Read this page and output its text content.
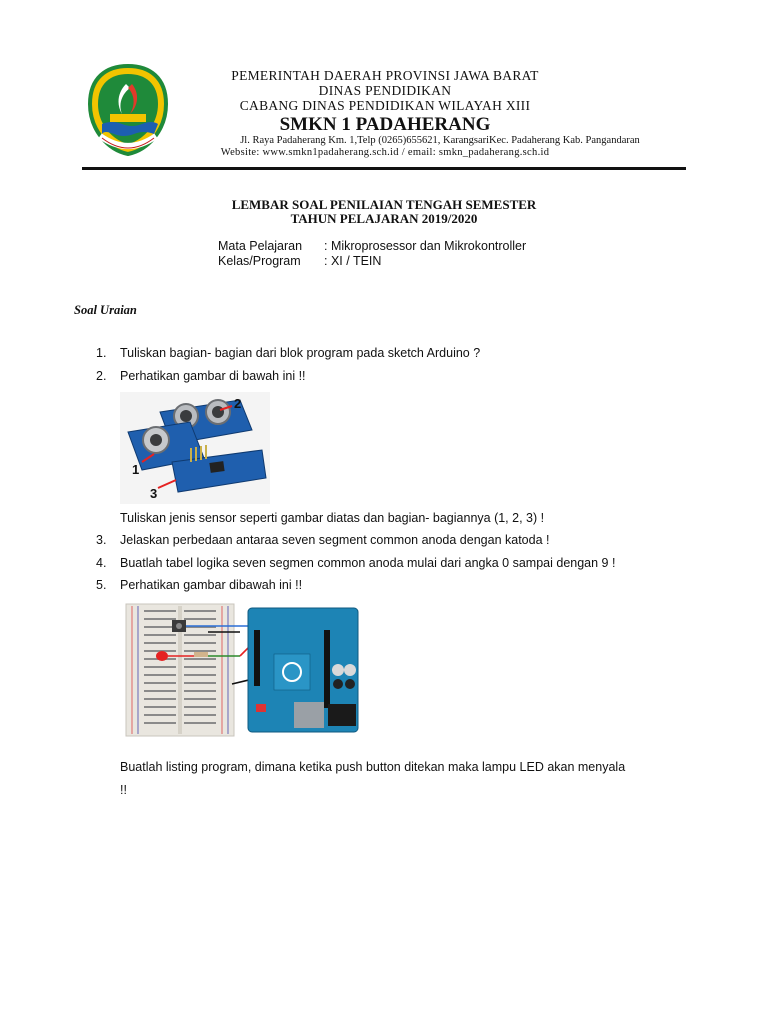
PEMERINTAH DAERAH PROVINSI JAWA BARAT
DINAS PENDIDIKAN
CABANG DINAS PENDIDIKAN WILAYAH XIII
SMKN 1 PADAHERANG
Jl. Raya Padaherang Km. 1,Telp (0265)655621, KarangsariKec. Padaherang Kab. Pangandaran
Website: www.smkn1padaherang.sch.id / email: smkn_padaherang.sch.id
LEMBAR SOAL PENILAIAN TENGAH SEMESTER
TAHUN PELAJARAN 2019/2020
Mata Pelajaran : Mikroprosessor dan Mikrokontroller
Kelas/Program : XI / TEIN
Soal Uraian
1. Tuliskan bagian- bagian dari blok program pada sketch Arduino ?
2. Perhatikan gambar di bawah ini !!
2
1
3
Tuliskan jenis sensor seperti gambar diatas dan bagian- bagiannya (1, 2, 3) !
3. Jelaskan perbedaan antaraa seven segment common anoda dengan katoda !
4. Buatlah tabel logika seven segmen common anoda mulai dari angka 0 sampai dengan 9 !
5. Perhatikan gambar dibawah ini !!
Buatlah listing program, dimana ketika push button ditekan maka lampu LED akan menyala
!!
